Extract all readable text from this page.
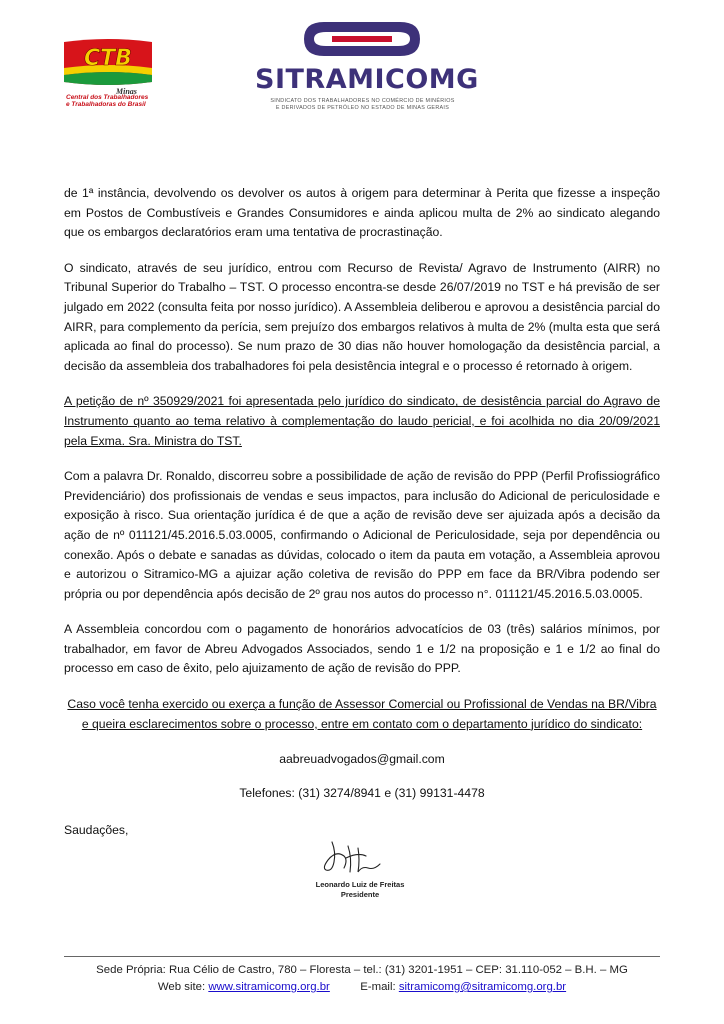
CTB
Minas
Central dos Trabalhadores
e Trabalhadoras do Brasil
SITRAMICOMG
SINDICATO DOS TRABALHADORES NO COMÉRCIO DE MINÉRIOS
E DERIVADOS DE PETRÓLEO NO ESTADO DE MINAS GERAIS

de 1ª instância, devolvendo os devolver os autos à origem para determinar à Perita que fizesse a inspeção em Postos de Combustíveis e Grandes Consumidores e ainda aplicou multa de 2% ao sindicato alegando que os embargos declaratórios eram uma tentativa de procrastinação.

O sindicato, através de seu jurídico, entrou com Recurso de Revista/ Agravo de Instrumento (AIRR) no Tribunal Superior do Trabalho – TST. O processo encontra-se desde 26/07/2019 no TST e há previsão de ser julgado em 2022 (consulta feita por nosso jurídico). A Assembleia deliberou e aprovou a desistência parcial do AIRR, para complemento da perícia, sem prejuízo dos embargos relativos à multa de 2% (multa esta que será aplicada ao final do processo). Se num prazo de 30 dias não houver homologação da desistência parcial, a decisão da assembleia dos trabalhadores foi pela desistência integral e o processo é retornado à origem.

A petição de nº 350929/2021 foi apresentada pelo jurídico do sindicato, de desistência parcial do Agravo de Instrumento quanto ao tema relativo à complementação do laudo pericial, e foi acolhida no dia 20/09/2021 pela Exma. Sra. Ministra do TST.

Com a palavra Dr. Ronaldo, discorreu sobre a possibilidade de ação de revisão do PPP (Perfil Profissiográfico Previdenciário) dos profissionais de vendas e seus impactos, para inclusão do Adicional de periculosidade e exposição à risco. Sua orientação jurídica é de que a ação de revisão deve ser ajuizada após a decisão da ação de nº 011121/45.2016.5.03.0005, confirmando o Adicional de Periculosidade, seja por dependência ou conexão. Após o debate e sanadas as dúvidas, colocado o item da pauta em votação, a Assembleia aprovou e autorizou o Sitramico-MG a ajuizar ação coletiva de revisão do PPP em face da BR/Vibra podendo ser própria ou por dependência após decisão de 2º grau nos autos do processo n°. 011121/45.2016.5.03.0005.

A Assembleia concordou com o pagamento de honorários advocatícios de 03 (três) salários mínimos, por trabalhador, em favor de Abreu Advogados Associados, sendo 1 e 1/2 na proposição e 1 e 1/2 ao final do processo em caso de êxito, pelo ajuizamento de ação de revisão do PPP.

Caso você tenha exercido ou exerça a função de Assessor Comercial ou Profissional de Vendas na BR/Vibra e queira esclarecimentos sobre o processo, entre em contato com o departamento jurídico do sindicato:

aabreuadvogados@gmail.com

Telefones: (31) 3274/8941 e (31) 99131-4478

Saudações,

Leonardo Luiz de Freitas
Presidente
Sede Própria: Rua Célio de Castro, 780 – Floresta – tel.: (31) 3201-1951 – CEP: 31.110-052 – B.H. – MG
Web site: www.sitramicomg.org.br	E-mail: sitramicomg@sitramicomg.org.br
